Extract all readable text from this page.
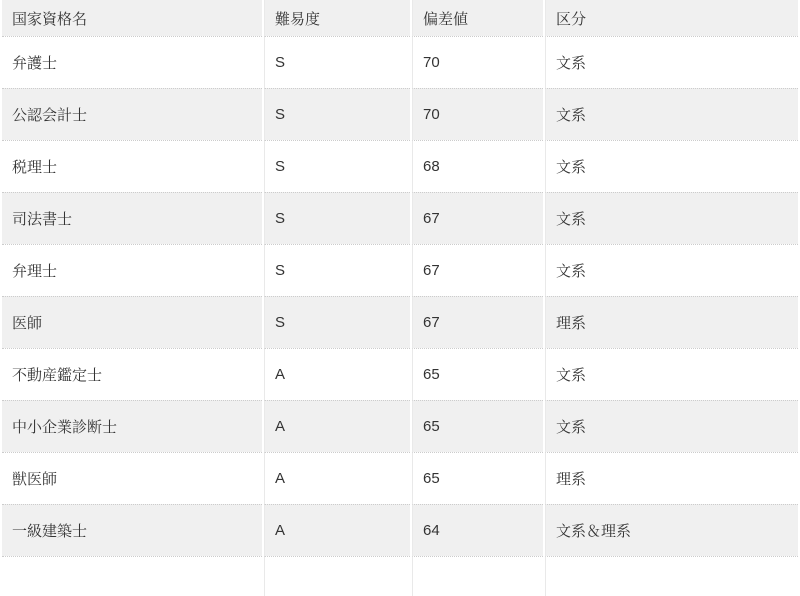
国家資格名	難易度	偏差値	区分
弁護士	S	70	文系
公認会計士	S	70	文系
税理士	S	68	文系
司法書士	S	67	文系
弁理士	S	67	文系
医師	S	67	理系
不動産鑑定士	A	65	文系
中小企業診断士	A	65	文系
獣医師	A	65	理系
一級建築士	A	64	文系＆理系
